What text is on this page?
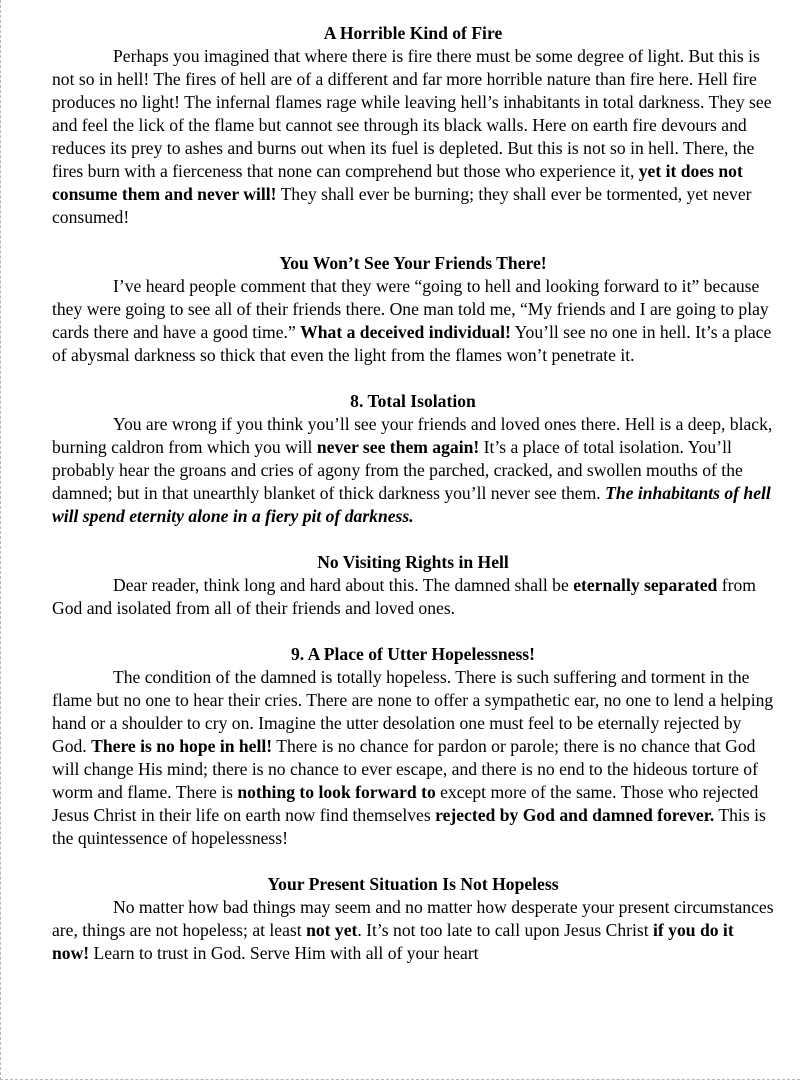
A Horrible Kind of Fire

Perhaps you imagined that where there is fire there must be some degree of light. But this is not so in hell! The fires of hell are of a different and far more horrible nature than fire here. Hell fire produces no light! The infernal flames rage while leaving hell’s inhabitants in total darkness. They see and feel the lick of the flame but cannot see through its black walls. Here on earth fire devours and reduces its prey to ashes and burns out when its fuel is depleted. But this is not so in hell. There, the fires burn with a fierceness that none can comprehend but those who experience it, yet it does not consume them and never will! They shall ever be burning; they shall ever be tormented, yet never consumed!

You Won’t See Your Friends There!

I’ve heard people comment that they were “going to hell and looking forward to it” because they were going to see all of their friends there. One man told me, “My friends and I are going to play cards there and have a good time.” What a deceived individual! You’ll see no one in hell. It’s a place of abysmal darkness so thick that even the light from the flames won’t penetrate it.

8. Total Isolation

You are wrong if you think you’ll see your friends and loved ones there. Hell is a deep, black, burning caldron from which you will never see them again! It’s a place of total isolation. You’ll probably hear the groans and cries of agony from the parched, cracked, and swollen mouths of the damned; but in that unearthly blanket of thick darkness you’ll never see them. The inhabitants of hell will spend eternity alone in a fiery pit of darkness.

No Visiting Rights in Hell

Dear reader, think long and hard about this. The damned shall be eternally separated from God and isolated from all of their friends and loved ones.

9. A Place of Utter Hopelessness!

The condition of the damned is totally hopeless. There is such suffering and torment in the flame but no one to hear their cries. There are none to offer a sympathetic ear, no one to lend a helping hand or a shoulder to cry on. Imagine the utter desolation one must feel to be eternally rejected by God. There is no hope in hell! There is no chance for pardon or parole; there is no chance that God will change His mind; there is no chance to ever escape, and there is no end to the hideous torture of worm and flame. There is nothing to look forward to except more of the same. Those who rejected Jesus Christ in their life on earth now find themselves rejected by God and damned forever. This is the quintessence of hopelessness!

Your Present Situation Is Not Hopeless

No matter how bad things may seem and no matter how desperate your present circumstances are, things are not hopeless; at least not yet. It’s not too late to call upon Jesus Christ if you do it now! Learn to trust in God. Serve Him with all of your heart
